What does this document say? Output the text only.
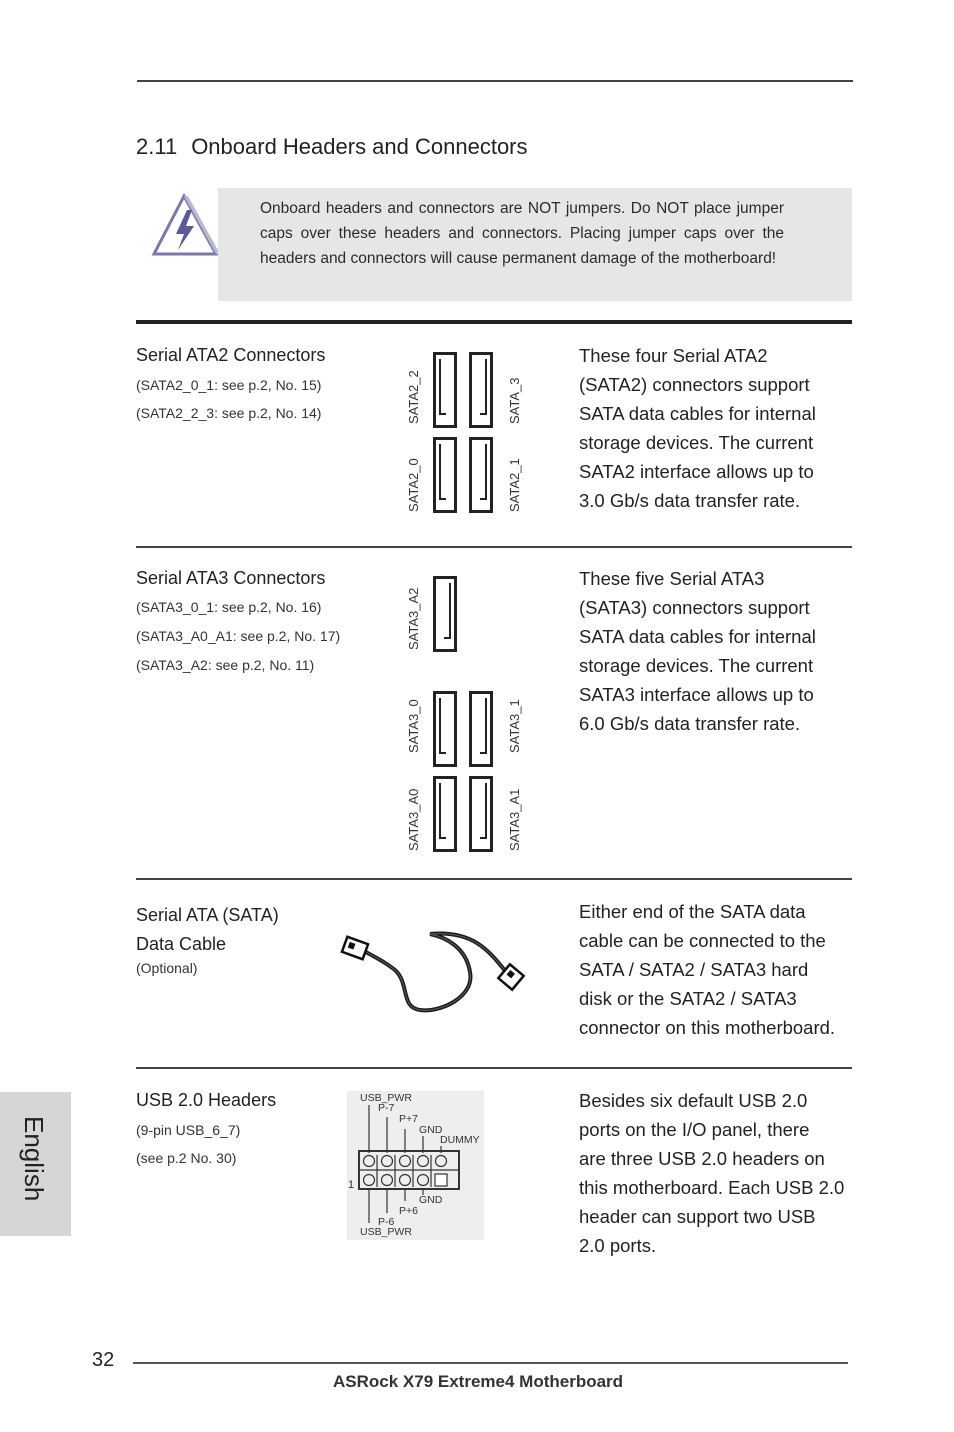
2.11 Onboard Headers and Connectors
Onboard headers and connectors are NOT jumpers. Do NOT place jumper caps over these headers and connectors. Placing jumper caps over the headers and connectors will cause permanent damage of the motherboard!
Serial ATA2 Connectors
(SATA2_0_1: see p.2, No. 15)
(SATA2_2_3: see p.2, No. 14)	SATA2_2	SATA_3
SATA2_0	SATA2_1
These four Serial ATA2
(SATA2) connectors support
SATA data cables for internal
storage devices. The current
SATA2 interface allows up to
3.0 Gb/s data transfer rate.
Serial ATA3 Connectors
(SATA3_0_1: see p.2, No. 16)
(SATA3_A0_A1: see p.2, No. 17)
(SATA3_A2: see p.2, No. 11)
SATA3_A2
SATA3_0	SATA3_1
SATA3_A0	SATA3_A1
These five Serial ATA3
(SATA3) connectors support
SATA data cables for internal
storage devices. The current
SATA3 interface allows up to
6.0 Gb/s data transfer rate.
Serial ATA (SATA)
Data Cable
(Optional)
Either end of the SATA data
cable can be connected to the
SATA / SATA2 / SATA3 hard
disk or the SATA2 / SATA3
connector on this motherboard.
USB 2.0 Headers
(9-pin USB_6_7)
(see p.2 No. 30)
USB_PWR
P-7
P+7
GND
DUMMY
1
GND
P+6
P-6
USB_PWR
Besides six default USB 2.0
ports on the I/O panel, there
are three USB 2.0 headers on
this motherboard. Each USB 2.0
header can support two USB
2.0 ports.
English
32
ASRock X79 Extreme4 Motherboard
